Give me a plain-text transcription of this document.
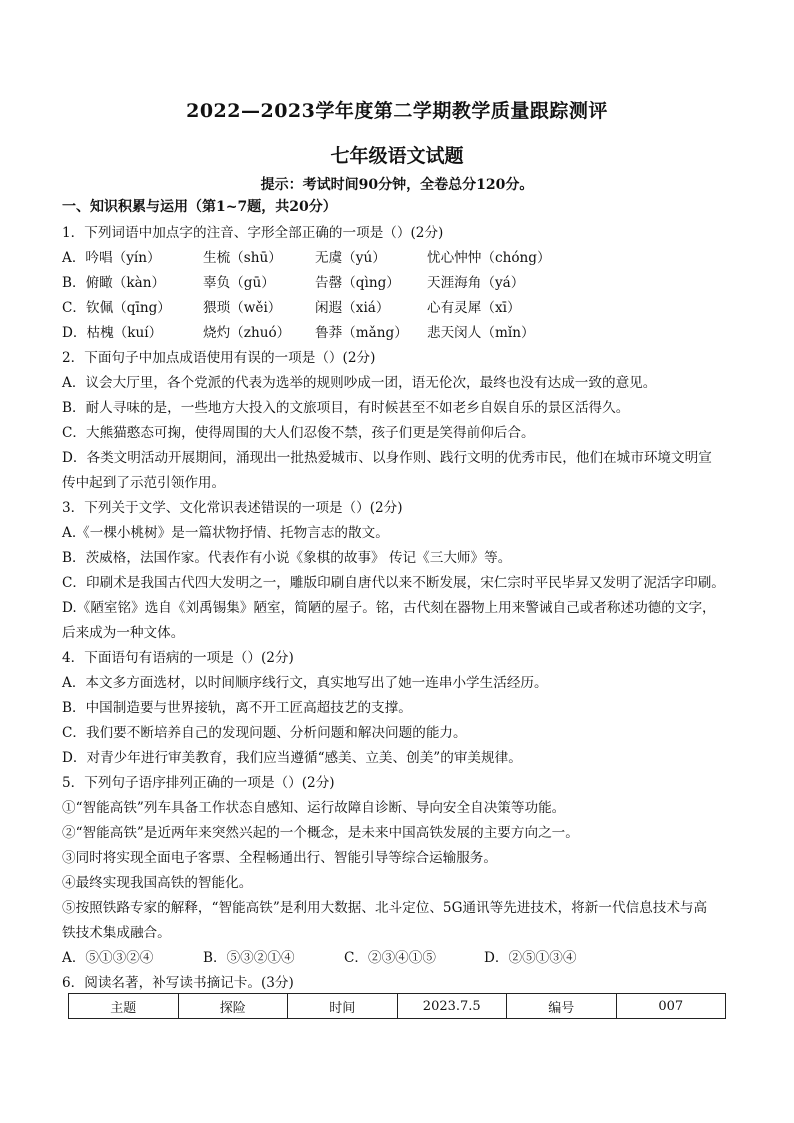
2022—2023学年度第二学期教学质量跟踪测评
七年级语文试题
提示：考试时间90分钟，全卷总分120分。
一、知识积累与运用（第1~7题，共20分）
1．下列词语中加点字的注音、字形全部正确的一项是（）(2分)
A．吟唱（yín）	生梳（shū） 无虞（yú）	忧心忡忡（chóng）
B．俯瞰（kàn）	辜负（gū）	告罄（qìng） 天涯海角（yá）
C．钦佩（qīng） 猥琐（wěi） 闲遐（xiá）	心有灵犀（xī）
D．枯槐（kuí）	烧灼（zhuó） 鲁莽（mǎng） 悲天闵人（mǐn）
2．下面句子中加点成语使用有误的一项是（）(2分)
A．议会大厅里，各个党派的代表为选举的规则吵成一团，语无伦次，最终也没有达成一致的意见。
B．耐人寻味的是，一些地方大投入的文旅项目，有时候甚至不如老乡自娱自乐的景区活得久。
C．大熊猫憨态可掬，使得周围的大人们忍俊不禁，孩子们更是笑得前仰后合。
D．各类文明活动开展期间，涌现出一批热爱城市、以身作则、践行文明的优秀市民，他们在城市环境文明宣
传中起到了示范引领作用。
3．下列关于文学、文化常识表述错误的一项是（）(2分)
A.《一棵小桃树》是一篇状物抒情、托物言志的散文。
B．茨威格，法国作家。代表作有小说《象棋的故事》 传记《三大师》等。
C．印刷术是我国古代四大发明之一，雕版印刷自唐代以来不断发展，宋仁宗时平民毕昇又发明了泥活字印刷。
D.《陋室铭》选自《刘禹锡集》陋室，简陋的屋子。铭，古代刻在器物上用来警诫自己或者称述功德的文字，
后来成为一种文体。
4．下面语句有语病的一项是（）(2分)
A．本文多方面选材，以时间顺序线行文，真实地写出了她一连串小学生活经历。
B．中国制造要与世界接轨，离不开工匠高超技艺的支撑。
C．我们要不断培养自己的发现问题、分析问题和解决问题的能力。
D．对青少年进行审美教育，我们应当遵循“感美、立美、创美”的审美规律。
5．下列句子语序排列正确的一项是（）(2分)
①“智能高铁”列车具备工作状态自感知、运行故障自诊断、导向安全自决策等功能。
②“智能高铁”是近两年来突然兴起的一个概念，是未来中国高铁发展的主要方向之一。
③同时将实现全面电子客票、全程畅通出行、智能引导等综合运输服务。
④最终实现我国高铁的智能化。
⑤按照铁路专家的解释，“智能高铁”是利用大数据、北斗定位、5G通讯等先进技术，将新一代信息技术与高
铁技术集成融合。
A．⑤①③②④	B．⑤③②①④	C．②③④①⑤	D．②⑤①③④
6．阅读名著，补写读书摘记卡。(3分)
主题	探险	时间	2023.7.5	编号	007
